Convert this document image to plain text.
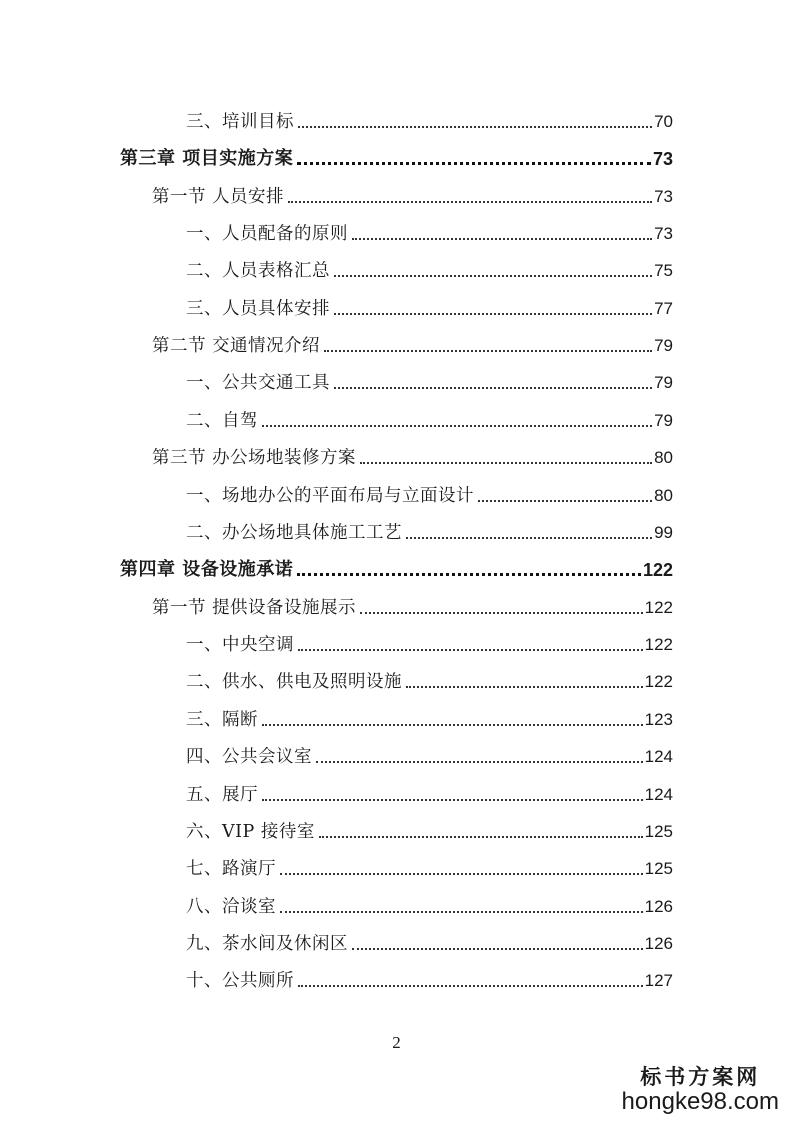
三、培训目标	70
第三章 项目实施方案	73
第一节 人员安排	73
一、人员配备的原则	73
二、人员表格汇总	75
三、人员具体安排	77
第二节 交通情况介绍	79
一、公共交通工具	79
二、自驾	79
第三节 办公场地装修方案	80
一、场地办公的平面布局与立面设计	80
二、办公场地具体施工工艺	99
第四章 设备设施承诺	122
第一节 提供设备设施展示	122
一、中央空调	122
二、供水、供电及照明设施	122
三、隔断	123
四、公共会议室	124
五、展厅	124
六、VIP 接待室	125
七、路演厅	125
八、洽谈室	126
九、茶水间及休闲区	126
十、公共厕所	127
2
标书方案网
hongke98.com
